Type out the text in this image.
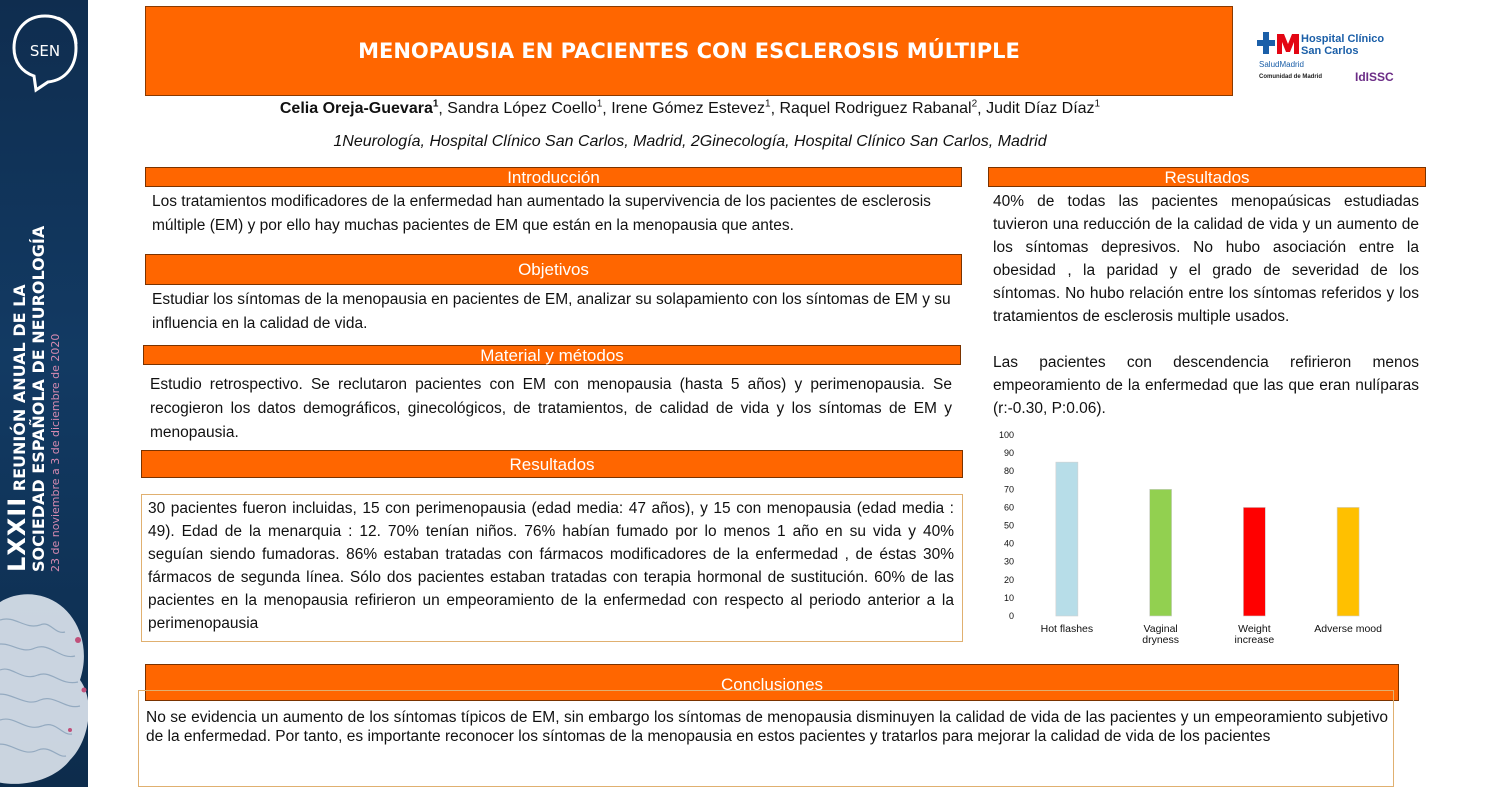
SEN
LXXII REUNIÓN ANUAL DE LA SOCIEDAD ESPAÑOLA DE NEUROLOGÍA 23 de noviembre a 3 de diciembre de 2020
MENOPAUSIA EN PACIENTES CON ESCLEROSIS MÚLTIPLE
Celia Oreja-Guevara$^1$, Sandra López Coello$^1$, Irene Gómez Estevez$^1$, Raquel Rodriguez Rabanal$^2$, Judit Díaz Díaz$^1$
1Neurología, Hospital Clínico San Carlos, Madrid, 2Ginecología, Hospital Clínico San Carlos, Madrid
Hospital Clínico
San Carlos
SaludMadrid
Comunidad de Madrid	IdISSC
Introducción
Los tratamientos modificadores de la enfermedad han aumentado la supervivencia de los pacientes de esclerosis múltiple (EM) y por ello hay muchas pacientes de EM que están en la menopausia que antes.
Objetivos
Estudiar los síntomas de la menopausia en pacientes de EM, analizar su solapamiento con los síntomas de EM y su influencia en la calidad de vida.
Material y métodos
Estudio retrospectivo. Se reclutaron pacientes con EM con menopausia (hasta 5 años) y perimenopausia. Se recogieron los datos demográficos, ginecológicos, de tratamientos, de calidad de vida y los síntomas de EM y menopausia.
Resultados
30 pacientes fueron incluidas, 15 con perimenopausia (edad media: 47 años), y 15 con menopausia (edad media : 49). Edad de la menarquia : 12. 70% tenían niños. 76% habían fumado por lo menos 1 año en su vida y 40% seguían siendo fumadoras. 86% estaban tratadas con fármacos modificadores de la enfermedad , de éstas 30% fármacos de segunda línea. Sólo dos pacientes estaban tratadas con terapia hormonal de sustitución. 60% de las pacientes en la menopausia refirieron un empeoramiento de la enfermedad con respecto al periodo anterior a la perimenopausia
Resultados
40% de todas las pacientes menopaúsicas estudiadas tuvieron una reducción de la calidad de vida y un aumento de los síntomas depresivos. No hubo asociación entre la obesidad , la paridad y el grado de severidad de los síntomas. No hubo relación entre los síntomas referidos y los tratamientos de esclerosis multiple usados.
Las pacientes con descendencia refirieron menos empeoramiento de la enfermedad que las que eran nulíparas (r:-0.30, P:0.06).
0
10
20
30
40
50
60
70
80
90
100
Hot flashes	Vaginal dryness
Weight increase
Adverse mood
Conclusiones
No se evidencia un aumento de los síntomas típicos de EM, sin embargo los síntomas de menopausia disminuyen la calidad de vida de las pacientes y un empeoramiento subjetivo de la enfermedad. Por tanto, es importante reconocer los síntomas de la menopausia en estos pacientes y tratarlos para mejorar la calidad de vida de los pacientes
